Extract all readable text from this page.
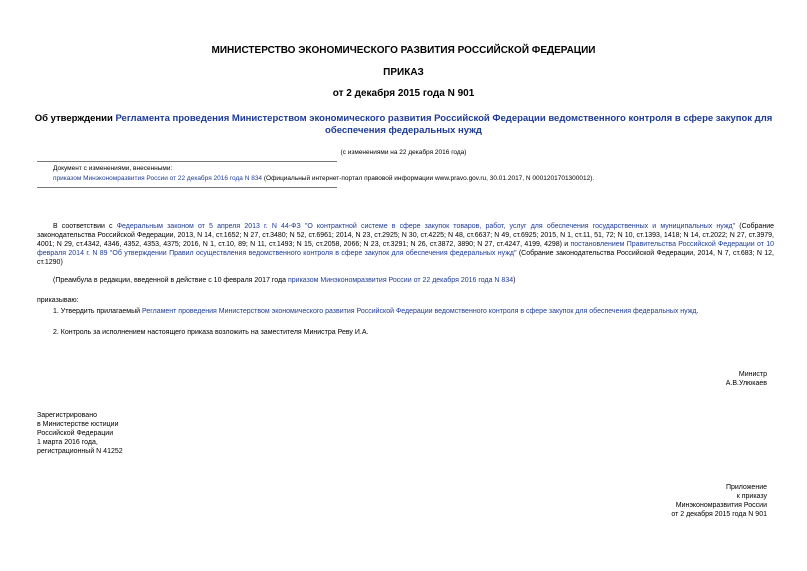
МИНИСТЕРСТВО ЭКОНОМИЧЕСКОГО РАЗВИТИЯ РОССИЙСКОЙ ФЕДЕРАЦИИ
ПРИКАЗ
от 2 декабря 2015 года N 901
Об утверждении Регламента проведения Министерством экономического развития Российской Федерации ведомственного контроля в сфере закупок для
обеспечения федеральных нужд
(с изменениями на 22 декабря 2016 года)
Документ с изменениями, внесенными:
приказом Минэкономразвития России от 22 декабря 2016 года N 834 (Официальный интернет-портал правовой информации www.pravo.gov.ru, 30.01.2017, N 0001201701300012).
В соответствии с Федеральным законом от 5 апреля 2013 г. N 44-ФЗ "О контрактной системе в сфере закупок товаров, работ, услуг для обеспечения государственных и муниципальных нужд" (Собрание законодательства Российской Федерации, 2013, N 14, ст.1652; N 27, ст.3480; N 52, ст.6961; 2014, N 23, ст.2925; N 30, ст.4225; N 48, ст.6637; N 49, ст.6925; 2015, N 1, ст.11, 51, 72; N 10, ст.1393, 1418; N 14, ст.2022; N 27, ст.3979, 4001; N 29, ст.4342, 4346, 4352, 4353, 4375; 2016, N 1, ст.10, 89; N 11, ст.1493; N 15, ст.2058, 2066; N 23, ст.3291; N 26, ст.3872, 3890; N 27, ст.4247, 4199, 4298) и постановлением Правительства Российской Федерации от 10 февраля 2014 г. N 89 "Об утверждении Правил осуществления ведомственного контроля в сфере закупок для обеспечения федеральных нужд" (Собрание законодательства Российской Федерации, 2014, N 7, ст.683; N 12, ст.1290)
(Преамбула в редакции, введенной в действие с 10 февраля 2017 года приказом Минэкономразвития России от 22 декабря 2016 года N 834)
приказываю:
1. Утвердить прилагаемый Регламент проведения Министерством экономического развития Российской Федерации ведомственного контроля в сфере закупок для обеспечения федеральных нужд.
2. Контроль за исполнением настоящего приказа возложить на заместителя Министра Реву И.А.
Министр
А.В.Улюкаев
Зарегистрировано
в Министерстве юстиции
Российской Федерации
1 марта 2016 года,
регистрационный N 41252
Приложение
к приказу
Минэкономразвития России
от 2 декабря 2015 года N 901
